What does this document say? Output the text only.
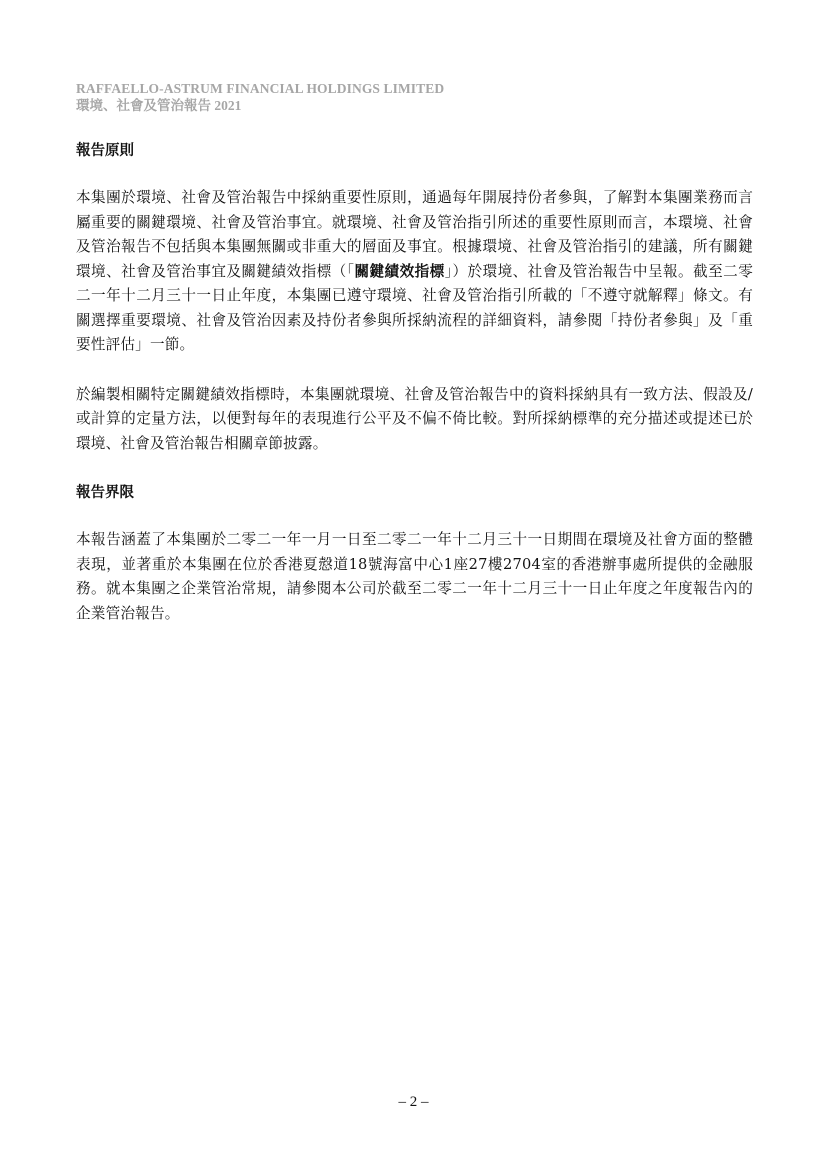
RAFFAELLO-ASTRUM FINANCIAL HOLDINGS LIMITED
環境、社會及管治報告 2021
報告原則

本集團於環境、社會及管治報告中採納重要性原則，通過每年開展持份者參與，了解對本集團業務而言屬重要的關鍵環境、社會及管治事宜。就環境、社會及管治指引所述的重要性原則而言，本環境、社會及管治報告不包括與本集團無關或非重大的層面及事宜。根據環境、社會及管治指引的建議，所有關鍵環境、社會及管治事宜及關鍵績效指標（「關鍵績效指標」）於環境、社會及管治報告中呈報。截至二零二一年十二月三十一日止年度，本集團已遵守環境、社會及管治指引所載的「不遵守就解釋」條文。有關選擇重要環境、社會及管治因素及持份者參與所採納流程的詳細資料，請參閱「持份者參與」及「重要性評估」一節。

於編製相關特定關鍵績效指標時，本集團就環境、社會及管治報告中的資料採納具有一致方法、假設及/或計算的定量方法，以便對每年的表現進行公平及不偏不倚比較。對所採納標準的充分描述或提述已於環境、社會及管治報告相關章節披露。

報告界限

本報告涵蓋了本集團於二零二一年一月一日至二零二一年十二月三十一日期間在環境及社會方面的整體表現，並著重於本集團在位於香港夏慤道18號海富中心1座27樓2704室的香港辦事處所提供的金融服務。就本集團之企業管治常規，請參閱本公司於截至二零二一年十二月三十一日止年度之年度報告內的企業管治報告。

– 2 –
